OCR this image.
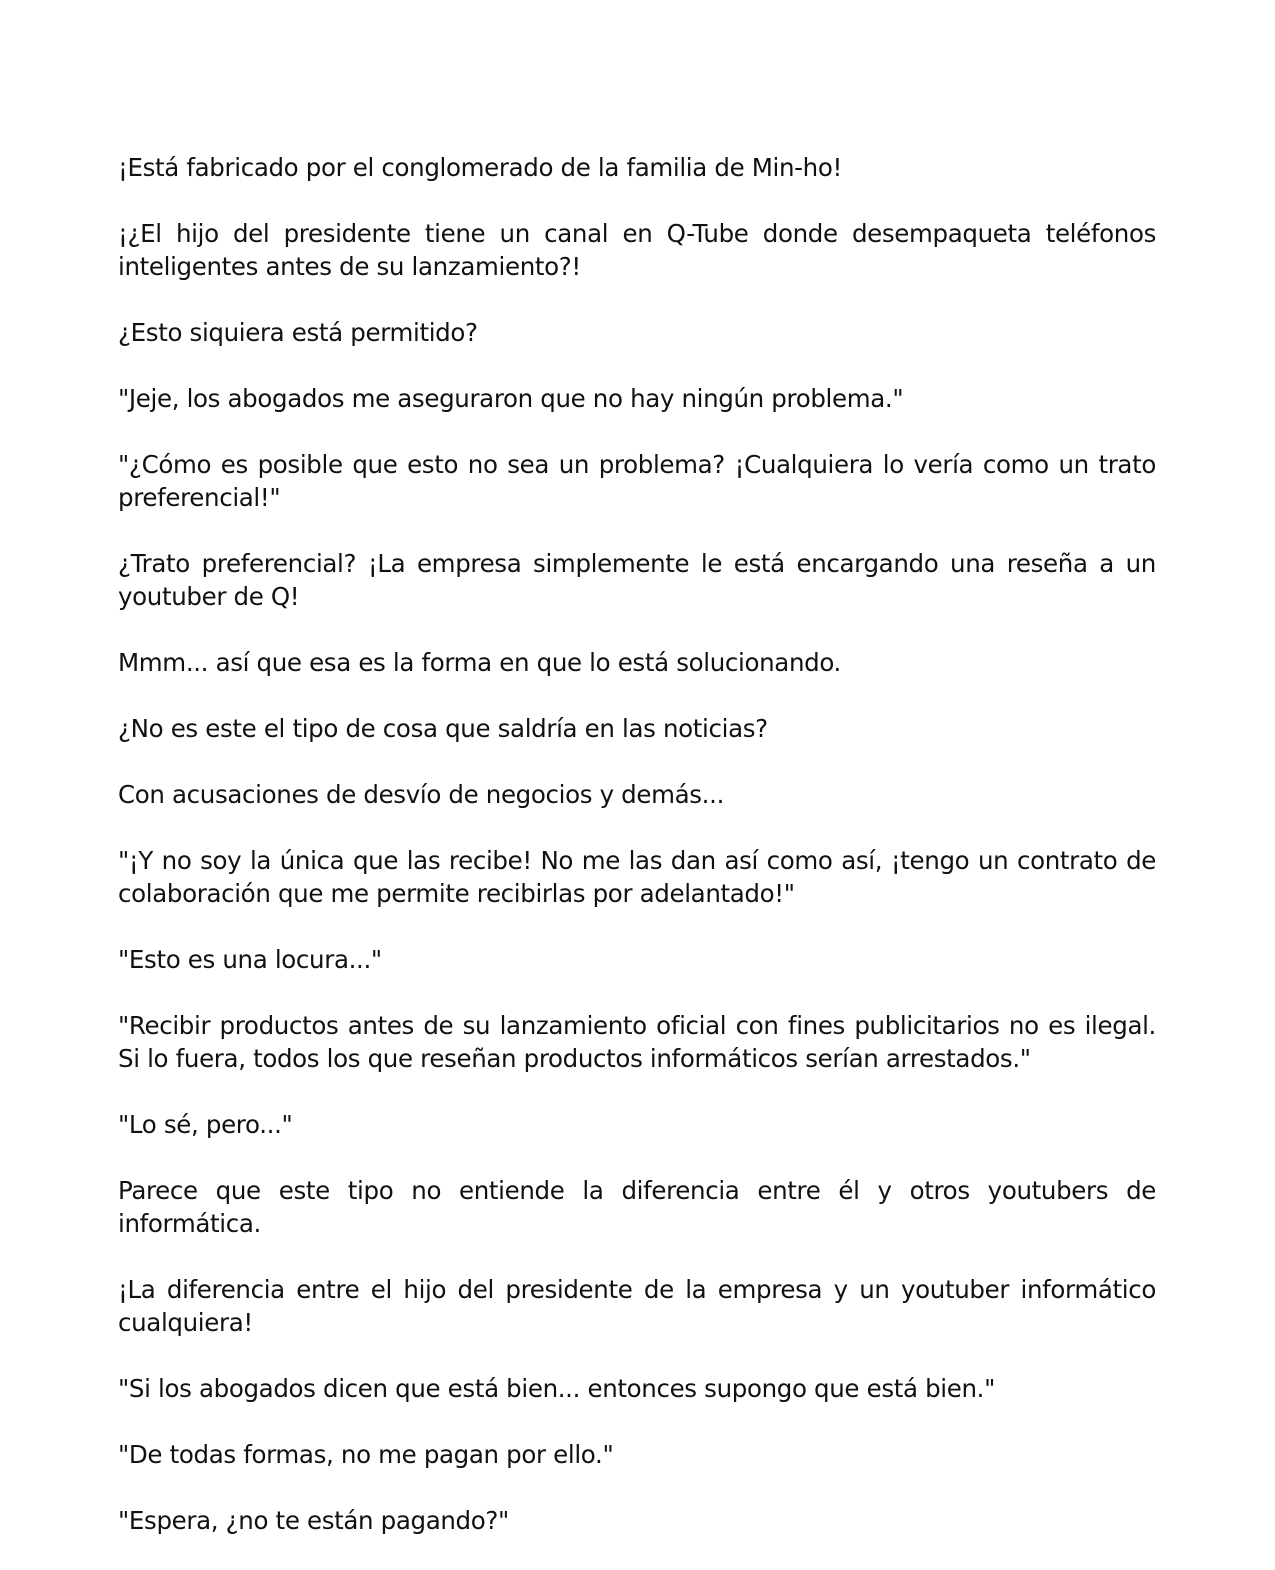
¡Está fabricado por el conglomerado de la familia de Min-ho!

¡¿El hijo del presidente tiene un canal en Q-Tube donde desempaqueta teléfonos inteligentes antes de su lanzamiento?!

¿Esto siquiera está permitido?

"Jeje, los abogados me aseguraron que no hay ningún problema."

"¿Cómo es posible que esto no sea un problema? ¡Cualquiera lo vería como un trato preferencial!"

¿Trato preferencial? ¡La empresa simplemente le está encargando una reseña a un youtuber de Q!

Mmm... así que esa es la forma en que lo está solucionando.

¿No es este el tipo de cosa que saldría en las noticias?

Con acusaciones de desvío de negocios y demás...

"¡Y no soy la única que las recibe! No me las dan así como así, ¡tengo un contrato de colaboración que me permite recibirlas por adelantado!"

"Esto es una locura..."

"Recibir productos antes de su lanzamiento oficial con fines publicitarios no es ilegal. Si lo fuera, todos los que reseñan productos informáticos serían arrestados."

"Lo sé, pero..."

Parece que este tipo no entiende la diferencia entre él y otros youtubers de informática.

¡La diferencia entre el hijo del presidente de la empresa y un youtuber informático cualquiera!

"Si los abogados dicen que está bien... entonces supongo que está bien."

"De todas formas, no me pagan por ello."

"Espera, ¿no te están pagando?"
